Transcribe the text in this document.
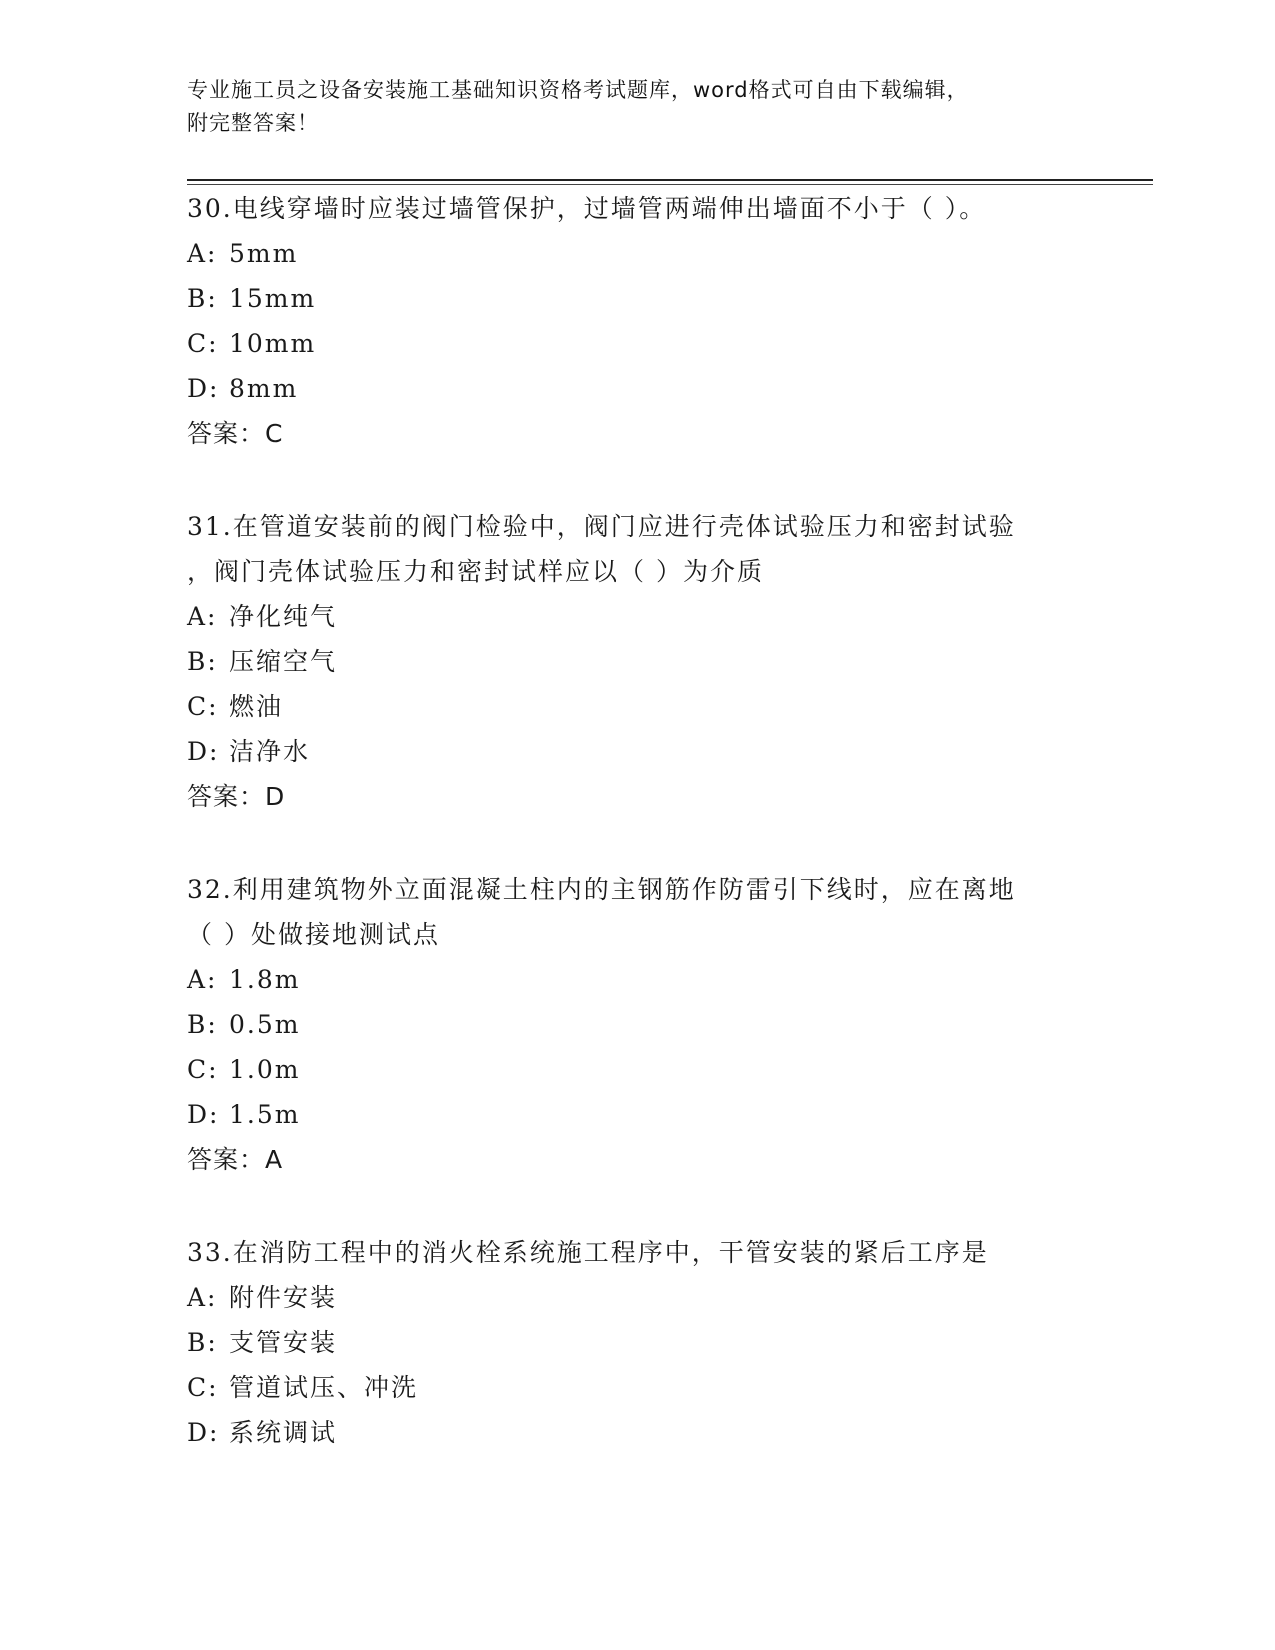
专业施工员之设备安装施工基础知识资格考试题库，word格式可自由下载编辑，
附完整答案！
30.电线穿墙时应装过墙管保护，过墙管两端伸出墙面不小于（ ）。
A: 5mm
B: 15mm
C: 10mm
D: 8mm
答案：C
31.在管道安装前的阀门检验中，阀门应进行壳体试验压力和密封试验
，阀门壳体试验压力和密封试样应以（ ）为介质
A: 净化纯气
B: 压缩空气
C: 燃油
D: 洁净水
答案：D
32.利用建筑物外立面混凝土柱内的主钢筋作防雷引下线时，应在离地
（ ）处做接地测试点
A: 1.8m
B: 0.5m
C: 1.0m
D: 1.5m
答案：A
33.在消防工程中的消火栓系统施工程序中，干管安装的紧后工序是
A: 附件安装
B: 支管安装
C: 管道试压、冲洗
D: 系统调试
